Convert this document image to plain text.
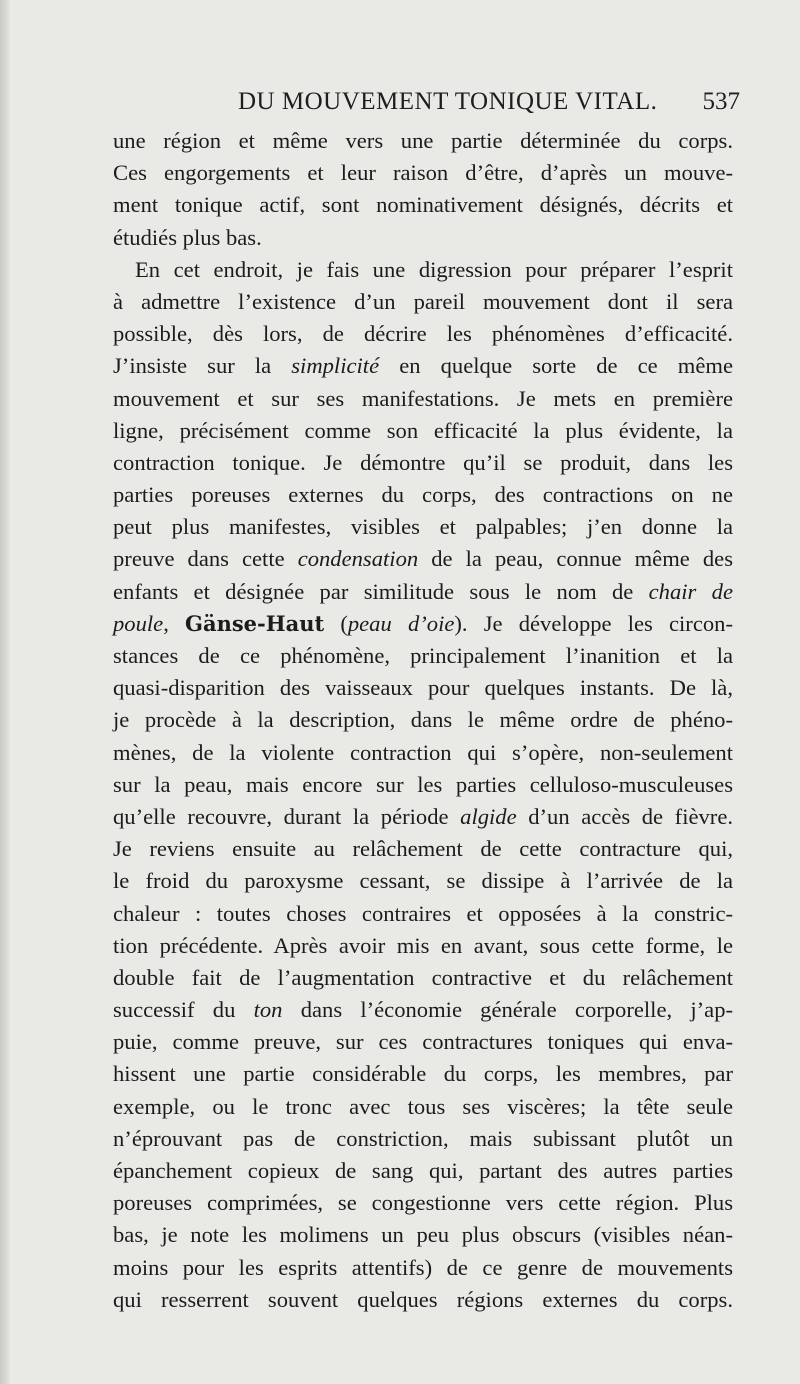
DU MOUVEMENT TONIQUE VITAL. 537
une région et même vers une partie déterminée du corps.
Ces engorgements et leur raison d’être, d’après un mouve-
ment tonique actif, sont nominativement désignés, décrits et
étudiés plus bas.
En cet endroit, je fais une digression pour préparer l’esprit
à admettre l’existence d’un pareil mouvement dont il sera
possible, dès lors, de décrire les phénomènes d’efficacité.
J’insiste sur la simplicité en quelque sorte de ce même
mouvement et sur ses manifestations. Je mets en première
ligne, précisément comme son efficacité la plus évidente, la
contraction tonique. Je démontre qu’il se produit, dans les
parties poreuses externes du corps, des contractions on ne
peut plus manifestes, visibles et palpables; j’en donne la
preuve dans cette condensation de la peau, connue même des
enfants et désignée par similitude sous le nom de chair de
poule, Gänse-Haut (peau d’oie). Je développe les circon-
stances de ce phénomène, principalement l’inanition et la
quasi-disparition des vaisseaux pour quelques instants. De là,
je procède à la description, dans le même ordre de phéno-
mènes, de la violente contraction qui s’opère, non-seulement
sur la peau, mais encore sur les parties celluloso-musculeuses
qu’elle recouvre, durant la période algide d’un accès de fièvre.
Je reviens ensuite au relâchement de cette contracture qui,
le froid du paroxysme cessant, se dissipe à l’arrivée de la
chaleur : toutes choses contraires et opposées à la constric-
tion précédente. Après avoir mis en avant, sous cette forme, le
double fait de l’augmentation contractive et du relâchement
successif du ton dans l’économie générale corporelle, j’ap-
puie, comme preuve, sur ces contractures toniques qui enva-
hissent une partie considérable du corps, les membres, par
exemple, ou le tronc avec tous ses viscères; la tête seule
n’éprouvant pas de constriction, mais subissant plutôt un
épanchement copieux de sang qui, partant des autres parties
poreuses comprimées, se congestionne vers cette région. Plus
bas, je note les molimens un peu plus obscurs (visibles néan-
moins pour les esprits attentifs) de ce genre de mouvements
qui resserrent souvent quelques régions externes du corps.
